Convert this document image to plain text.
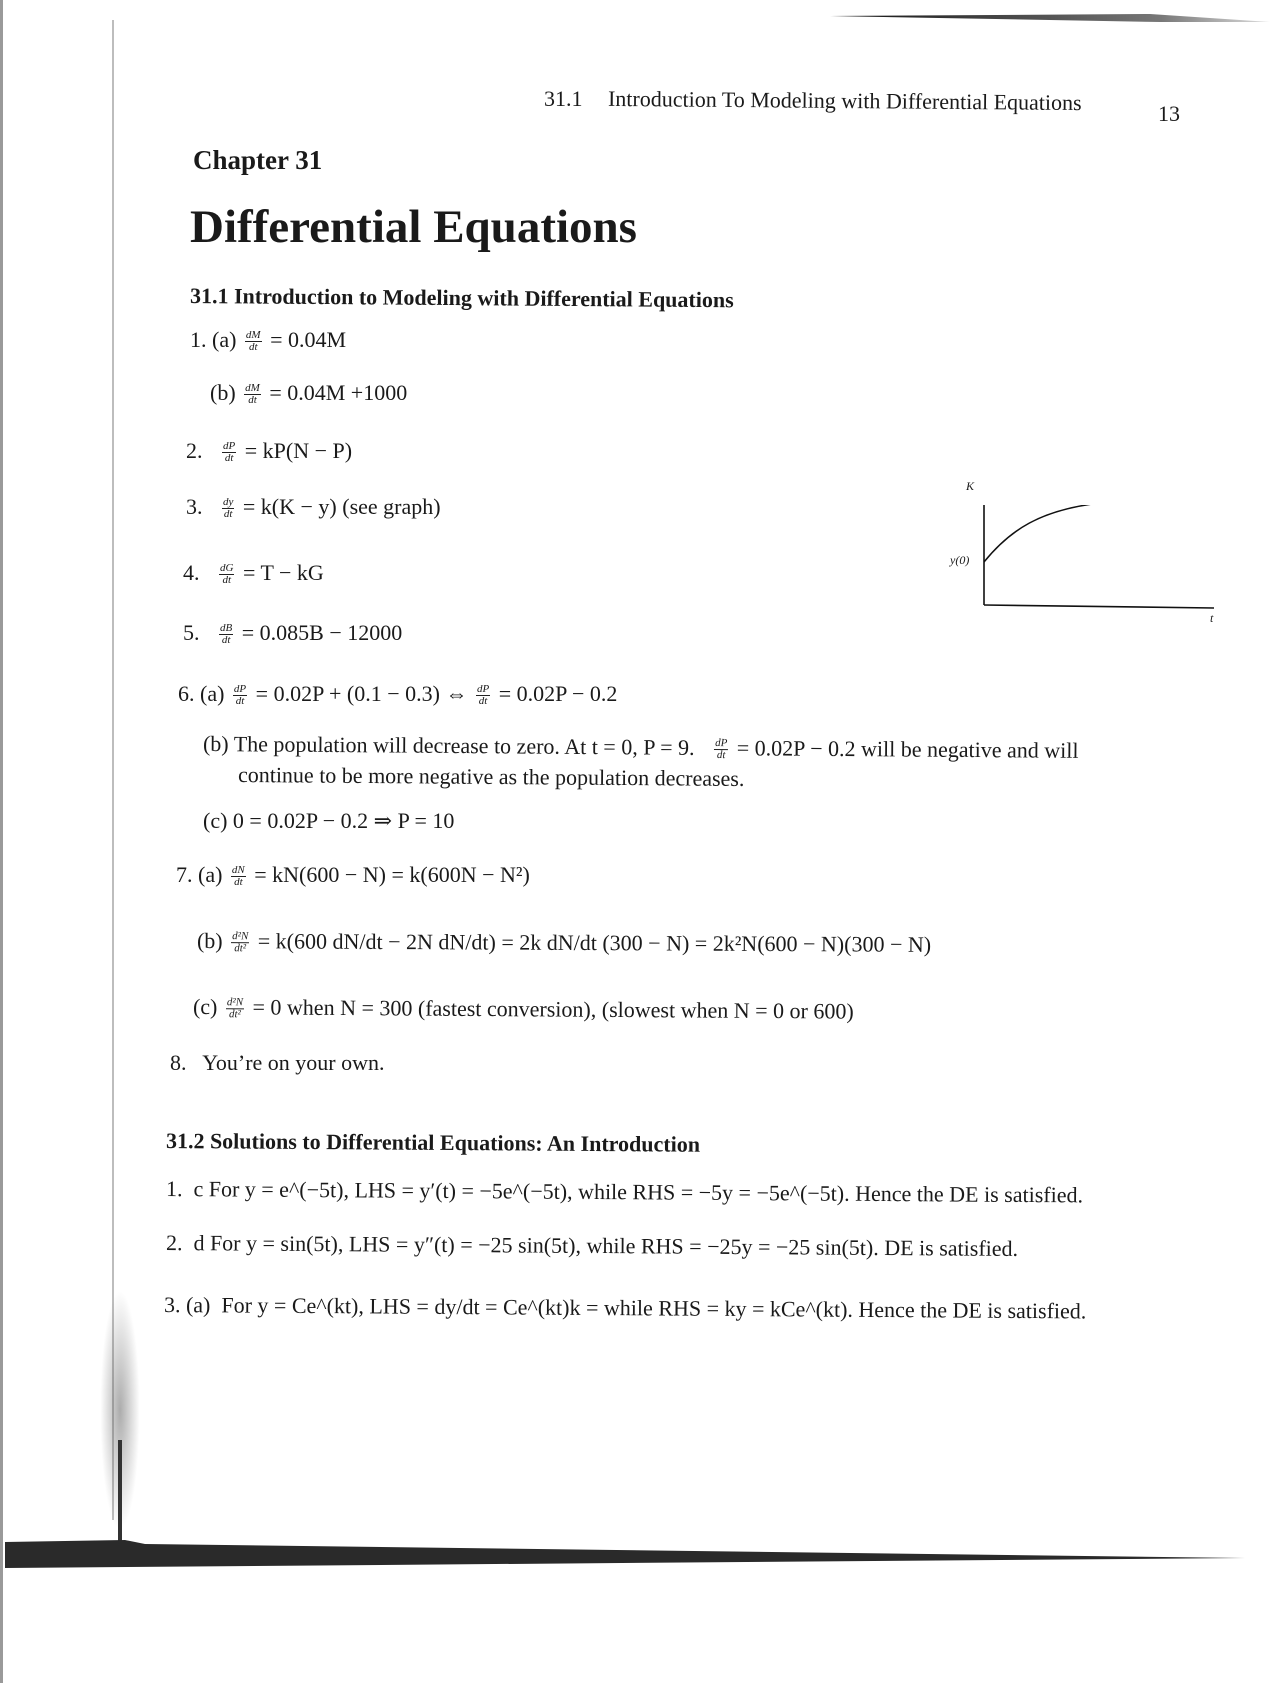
31.1 Introduction To Modeling with Differential Equations	13
Chapter 31
Differential Equations
31.1 Introduction to Modeling with Differential Equations
1. $(a) \frac{dM}{dt} = 0.04M$
$(b) \frac{dM}{dt} = 0.04M +1000$
2. $\frac{dP}{dt} = kP(N - P)$
3. $\frac{dy}{dt} = k(K - y)$ (see graph)
4. $\frac{dG}{dt} = T$ − kG
5. $\frac{dB}{dt} = 0.085B - 12000$
6. $(a) \frac{dP}{dt} = 0.02P + (0.1 - 0.3)$ ⇔ $\frac{dP}{dt} = 0.02P - 0.2$
(b) The population will decrease to zero. At t = 0, P = 9. $\frac{dP}{dt} = 0.02P - 0.2$ will be negative and will
continue to be more negative as the population decreases.
(c) 0 = 0.02P − 0.2 ⇒ P = 10
7. $(a) \frac{dN}{dt} = kN(600 - N) = k(600N - N^2)$
$(b) \frac{\text{d²N}}{\text{dt²}} = k(600$ dN/dt − 2N dN/dt) = 2k dN/dt (300 − N) = 2k²N(600 − N)(300 − N)
$(c) \frac{\text{d²N}}{\text{dt²}} = 0$ when N = 300 (fastest conversion), (slowest when N = 0 or 600)
8. You’re on your own.
31.2 Solutions to Differential Equations: An Introduction
1. c For y = e^(−5t), LHS = y′(t) = −5e^(−5t), while RHS = −5y = −5e^(−5t). Hence the DE is satisfied.
2. d For y = sin(5t), LHS = y″(t) = −25 sin(5t), while RHS = −25y = −25 sin(5t). DE is satisfied.
3. (a) For y = Ce^(kt), LHS = dy/dt = Ce^(kt)k = while RHS = ky = kCe^(kt). Hence the DE is satisfied.
K
y(0)
t
